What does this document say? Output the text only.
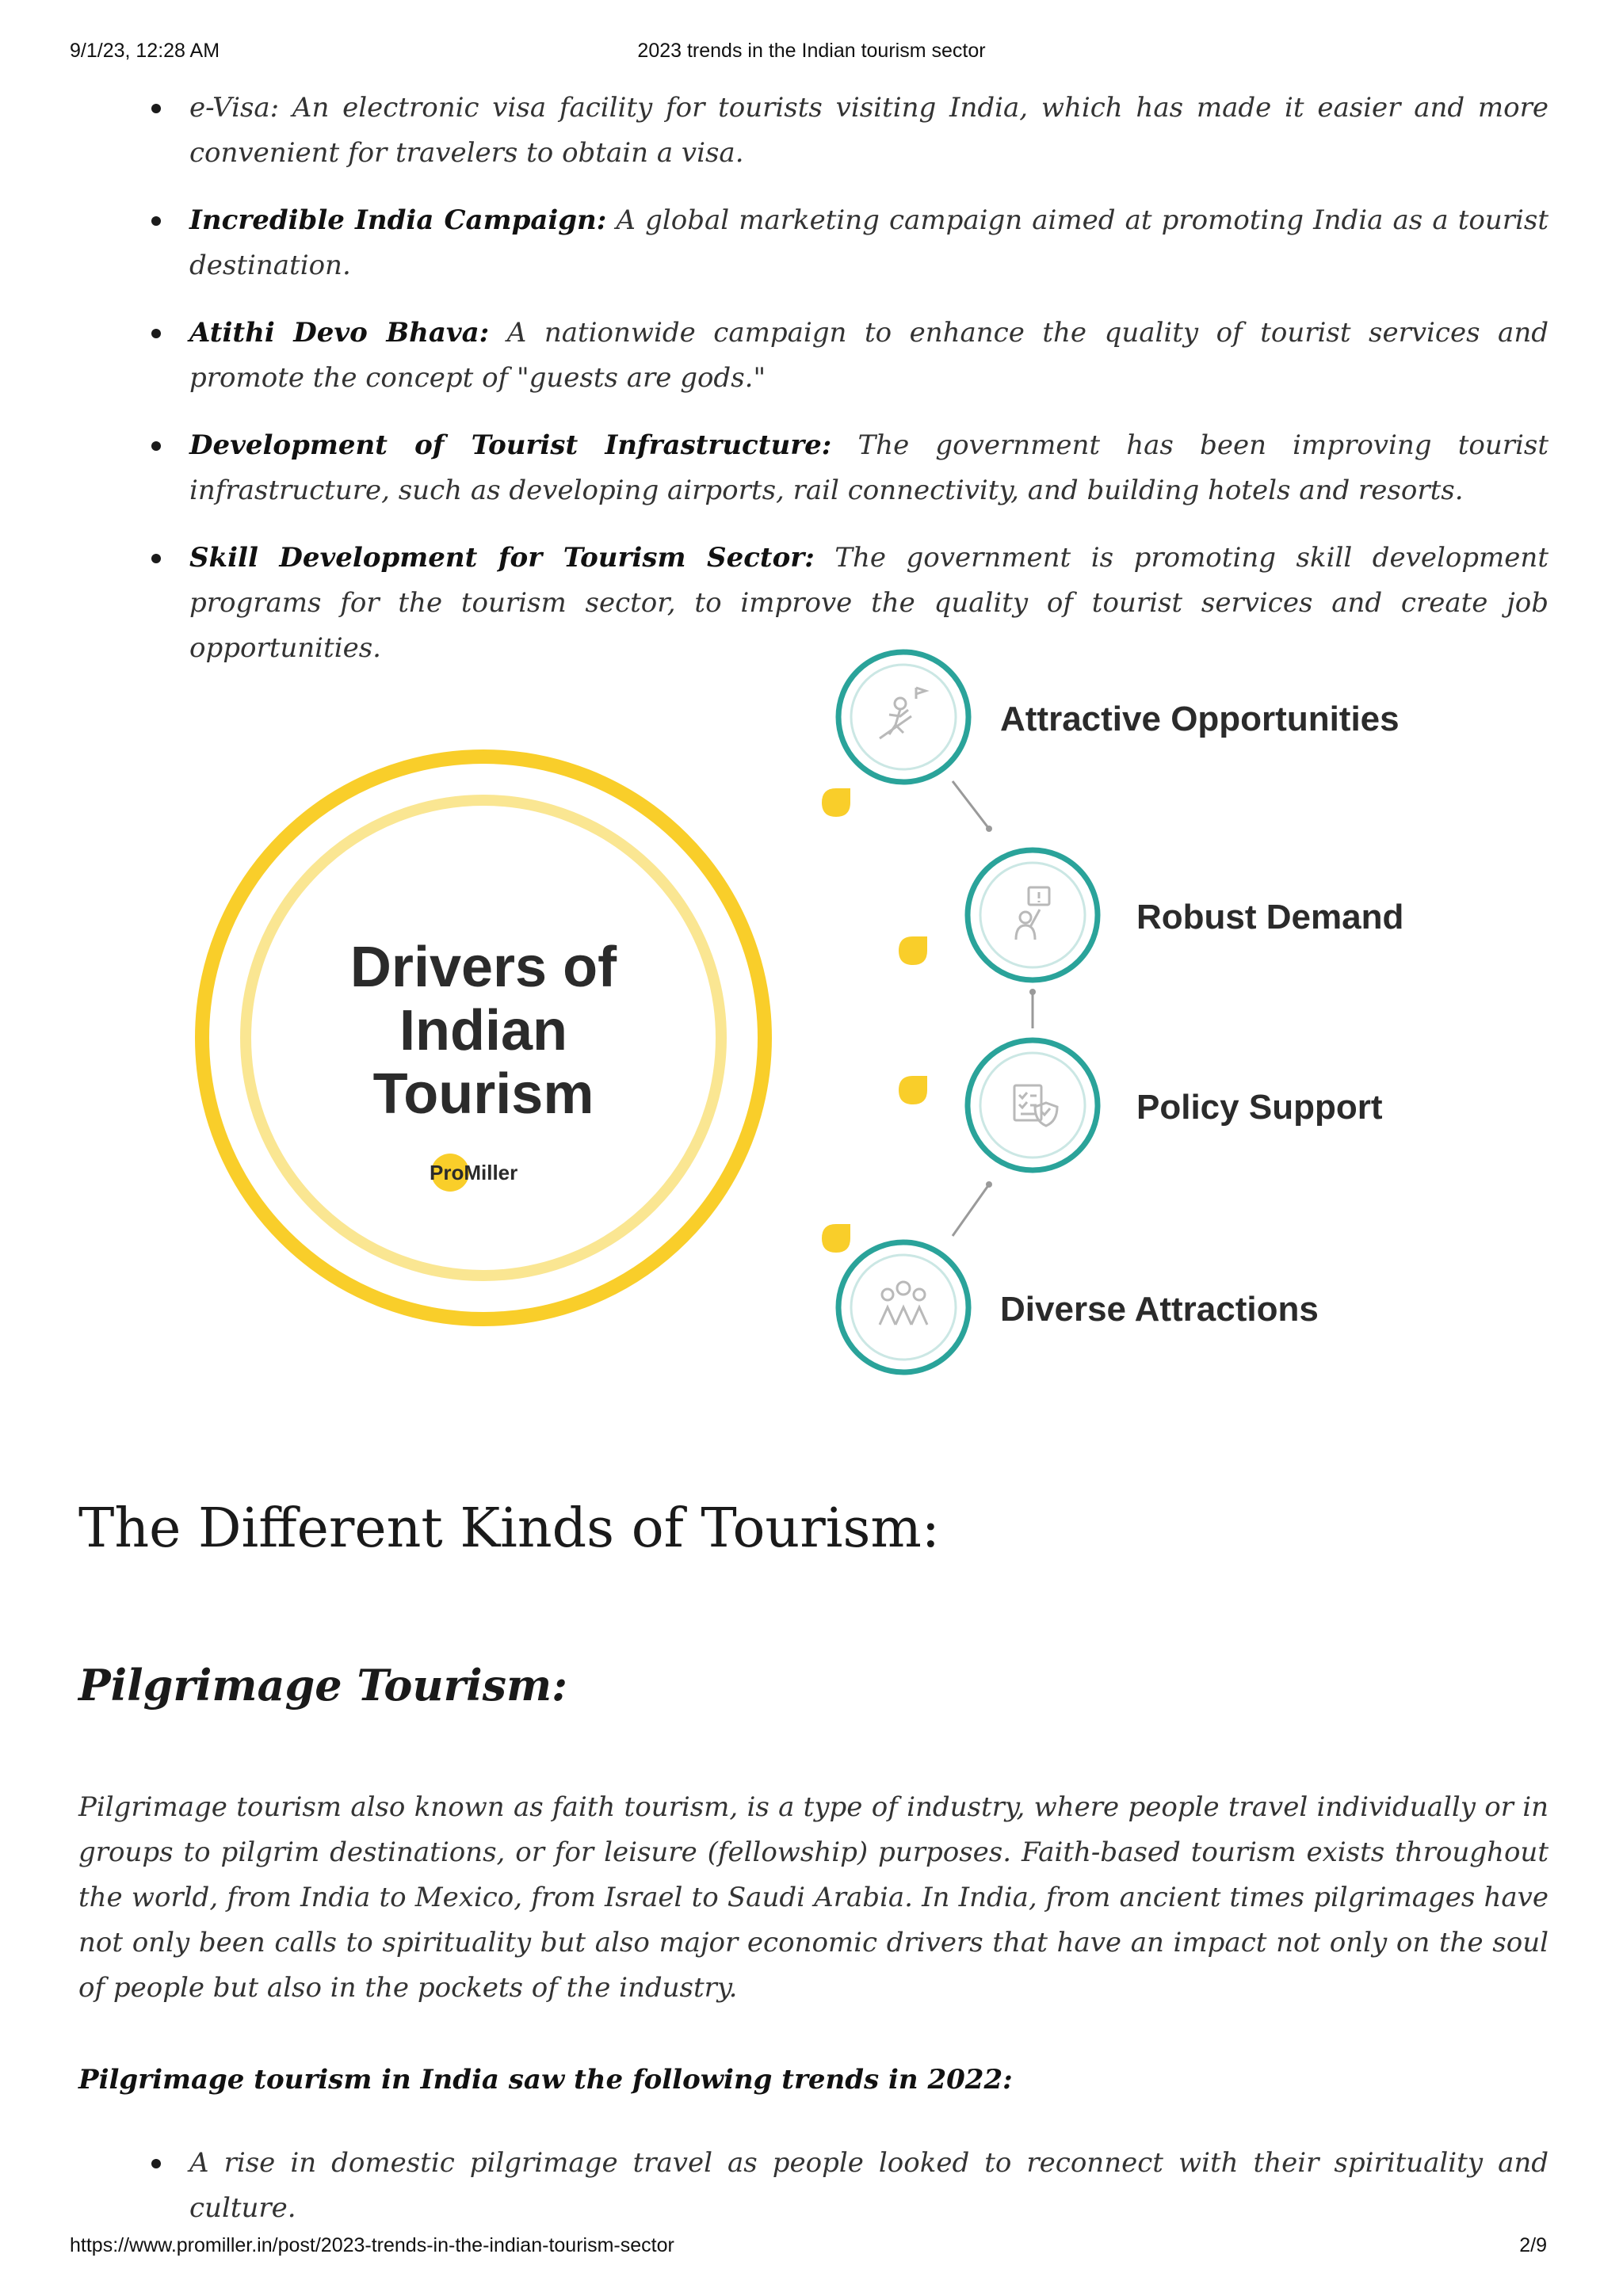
9/1/23, 12:28 AM	2023 trends in the Indian tourism sector
e-Visa: An electronic visa facility for tourists visiting India, which has made it easier and more convenient for travelers to obtain a visa.
Incredible India Campaign: A global marketing campaign aimed at promoting India as a tourist destination.
Atithi Devo Bhava: A nationwide campaign to enhance the quality of tourist services and promote the concept of "guests are gods."
Development of Tourist Infrastructure: The government has been improving tourist infrastructure, such as developing airports, rail connectivity, and building hotels and resorts.
Skill Development for Tourism Sector: The government is promoting skill development programs for the tourism sector, to improve the quality of tourist services and create job opportunities.
Drivers of
Indian
Tourism
ProMiller
Attractive Opportunities
Robust Demand
Policy Support
Diverse Attractions
The Different Kinds of Tourism:
Pilgrimage Tourism:

Pilgrimage tourism also known as faith tourism, is a type of industry, where people travel individually or in groups to pilgrim destinations, or for leisure (fellowship) purposes. Faith-based tourism exists throughout the world, from India to Mexico, from Israel to Saudi Arabia. In India, from ancient times pilgrimages have not only been calls to spirituality but also major economic drivers that have an impact not only on the soul of people but also in the pockets of the industry.

Pilgrimage tourism in India saw the following trends in 2022:
A rise in domestic pilgrimage travel as people looked to reconnect with their spirituality and culture.
https://www.promiller.in/post/2023-trends-in-the-indian-tourism-sector	2/9
